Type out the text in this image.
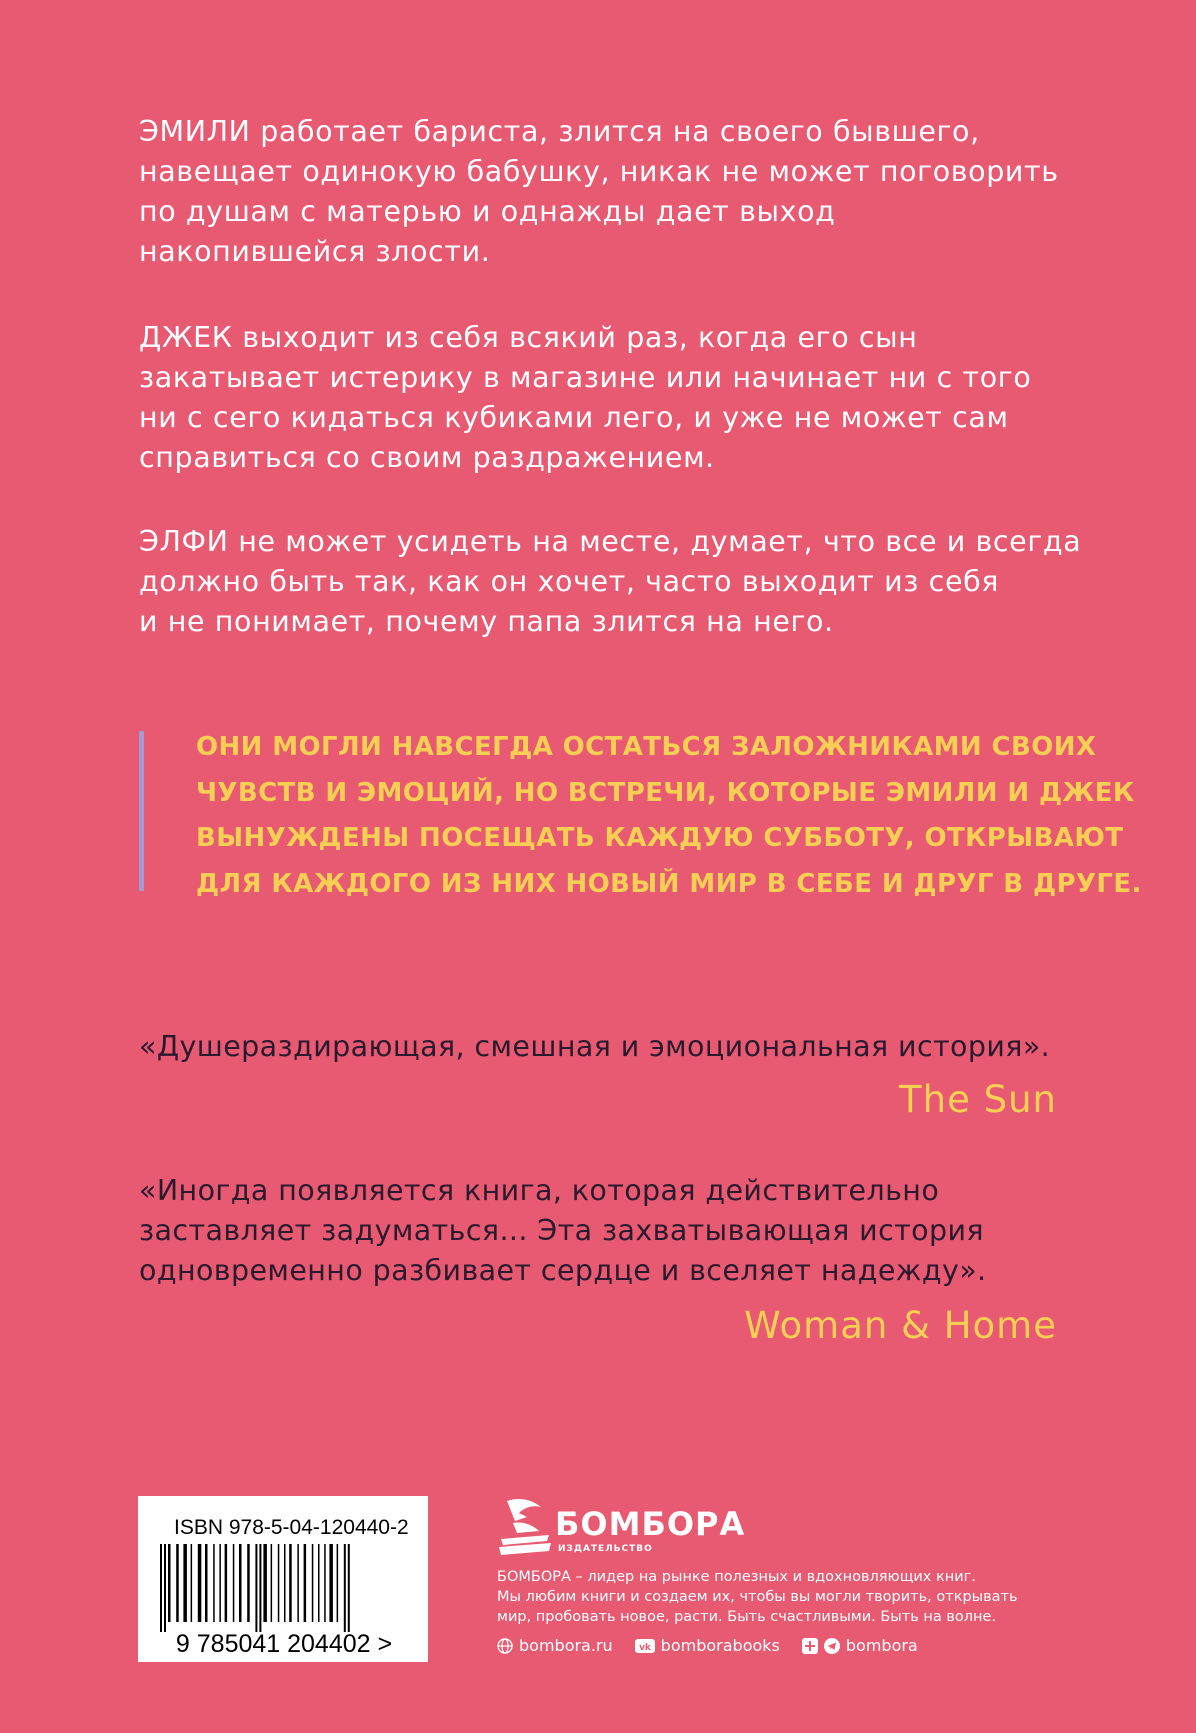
ЭМИЛИ работает бариста, злится на своего бывшего,
навещает одинокую бабушку, никак не может поговорить
по душам с матерью и однажды дает выход
накопившейся злости.
ДЖЕК выходит из себя всякий раз, когда его сын
закатывает истерику в магазине или начинает ни с того
ни с сего кидаться кубиками лего, и уже не может сам
справиться со своим раздражением.
ЭЛФИ не может усидеть на месте, думает, что все и всегда
должно быть так, как он хочет, часто выходит из себя
и не понимает, почему папа злится на него.
ОНИ МОГЛИ НАВСЕГДА ОСТАТЬСЯ ЗАЛОЖНИКАМИ СВОИХ
ЧУВСТВ И ЭМОЦИЙ, НО ВСТРЕЧИ, КОТОРЫЕ ЭМИЛИ И ДЖЕК
ВЫНУЖДЕНЫ ПОСЕЩАТЬ КАЖДУЮ СУББОТУ, ОТКРЫВАЮТ
ДЛЯ КАЖДОГО ИЗ НИХ НОВЫЙ МИР В СЕБЕ И ДРУГ В ДРУГЕ.
«Душераздирающая, смешная и эмоциональная история».
The Sun
«Иногда появляется книга, которая действительно
заставляет задуматься... Эта захватывающая история
одновременно разбивает сердце и вселяет надежду».
Woman & Home
ISBN 978-5-04-120440-2
9 785041 204402 >
БОМБОРА
ИЗДАТЕЛЬСТВО
БОМБОРА – лидер на рынке полезных и вдохновляющих книг.
Мы любим книги и создаем их, чтобы вы могли творить, открывать
мир, пробовать новое, расти. Быть счастливыми. Быть на волне.
bombora.ru	vk bomborabooks	bombora
